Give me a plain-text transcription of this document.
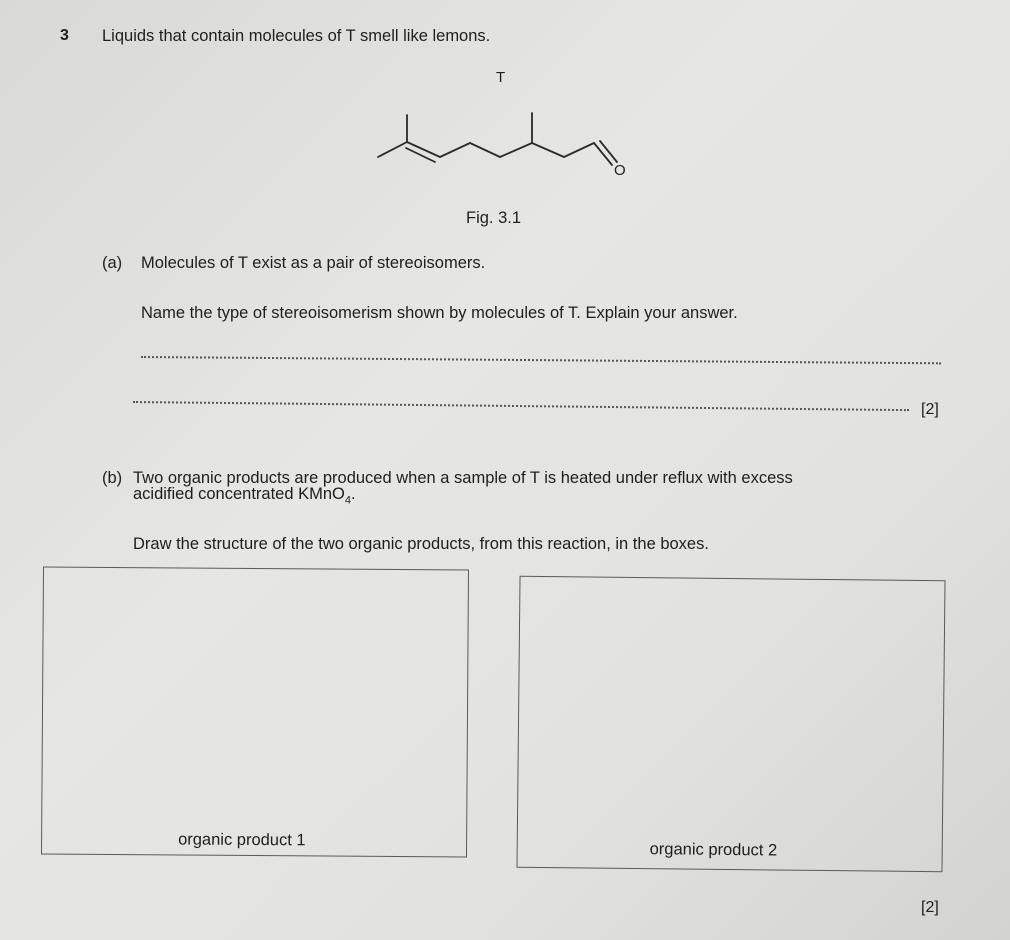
3 Liquids that contain molecules of T smell like lemons.
T
O
Fig. 3.1
(a) Molecules of T exist as a pair of stereoisomers.
Name the type of stereoisomerism shown by molecules of T. Explain your answer.
[2]
(b) Two organic products are produced when a sample of T is heated under reflux with excess
acidified concentrated KMnO$_4$.
Draw the structure of the two organic products, from this reaction, in the boxes.
organic product 1
organic product 2
[2]
